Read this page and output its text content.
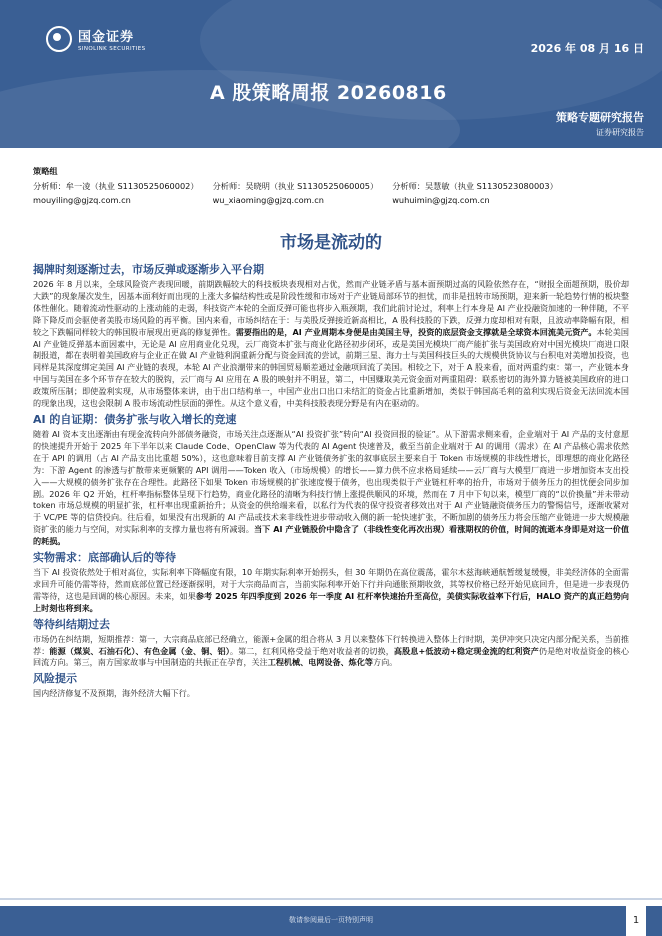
国金证券
SINOLINK SECURITIES	2026 年 08 月 16 日
A 股策略周报 20260816
策略专题研究报告
证券研究报告
策略组
分析师：牟一凌（执业 S1130525060002）
mouyiling@gjzq.com.cn
分析师：吴晓明（执业 S1130525060005）
wu_xiaoming@gjzq.com.cn
分析师：吴慧敏（执业 S1130523080003）
wuhuimin@gjzq.com.cn
市场是流动的
揭牌时刻逐渐过去，市场反弹或逐渐步入平台期

2026 年 8 月以来，全球风险资产表现回暖，前期跌幅较大的科技板块表现相对占优，然而产业链矛盾与基本面预期过高的风险依然存在，“财报全面超预期，股价却大跌”的现象屡次发生，因基本面利好而出现的上涨大多偏结构性或是阶段性缓和市场对于产业链局部环节的担忧，而非是扭转市场预期，迎来新一轮趋势行情的板块整体性催化。随着流动性驱动的上涨动能的走弱，科技资产本轮的全面反弹可能也将步入瓶颈期，我们此前讨论过，利率上行本身是 AI 产业投融资加速的一种伴随，不平降下降反而会驱使者美股市场风险的再平衡。国内来看，市场纠结在于：与美股反弹接近新高相比，A 股科技股的下跌，反弹力度却相对有限，且波动率降幅有限，相较之下跌幅同样较大的韩国股市展现出更高的修复弹性。需要指出的是，AI 产业周期本身便是由美国主导，投资的底层资金支撑就是全球资本回流美元资产。本轮美国 AI 产业链反弹基本面因素中，无论是 AI 应用商业化兑现，云厂商资本扩张与商业化路径初步闭环，或是美国光模块厂商产能扩张与美国政府对中国光模块厂商进口限制报道，都在表明着美国政府与企业正在做 AI 产业链利润重新分配与资金回流的尝试，前期三星、海力士与美国科技巨头的大规模供货协议与台积电对美增加投资，也同样是其深度绑定美国 AI 产业链的表现，本轮 AI 产业浪潮带来的韩国贸易顺差通过金融项回流了美国。相较之下，对于 A 股来看，面对两重约束：第一，产业链本身中国与美国在多个环节存在较大的脱钩，云厂商与 AI 应用在 A 股的映射并不明显，第二，中国赚取美元资金面对两重阻碍：联系密切的海外算力链被美国政府的进口政策所压制；即使盈利实现，从市场整体来讲，由于出口结构单一，中国产业出口出口未结汇的资金占比重新增加，类似于韩国高毛利的盈利实现后资金无法回流本国的现象出现，这也会限制 A 股市场流动性层面的弹性。从这个意义看，中美科技股表现分野是有内在驱动的。

AI 的自证期：债务扩张与收入增长的竞速

随着 AI 资本支出逐渐由有现金流转向外部债务融资，市场关注点逐渐从“AI 投资扩张”转向“AI 投资回报的验证”。从下游需求侧来看，企业端对于 AI 产品的支付意愿的快速提升开始于 2025 年下半年以来 Claude Code、OpenClaw 等为代表的 AI Agent 快速普及，截至当前企业端对于 AI 的调用（需求）在 AI 产品核心需求依然在于 API 的调用（占 AI 产品支出比重超 50%），这也意味着目前支撑 AI 产业链债务扩张的叙事底层主要来自于 Token 市场规模的非线性增长，即理想的商业化路径为：下游 Agent 的渗透与扩散带来更频繁的 API 调用——Token 收入（市场规模）的增长——算力供不应求格局延续——云厂商与大模型厂商进一步增加资本支出投入——大规模的债务扩张存在合理性。此路径下如果 Token 市场规模的扩张速度慢于债务，也出现类似于产业链杠杆率的抬升，市场对于债务压力的担忧便会同步加剧。2026 年 Q2 开始，杠杆率指标整体呈现下行趋势，商业化路径的清晰为科技行情上涨提供顺风的环境，然而在 7 月中下旬以来，模型厂商的“以价换量”并未带动 token 市场总规模的明显扩张，杠杆率出现重新抬升；从资金的供给端来看，以私行为代表的保守投资者移效出对于 AI 产业链融资债务压力的警惕信号，逐渐收紧对于 VC/PE 等的信贷投向。往后看，如果没有出现新的 AI 产品或技术来非线性进步带动收入侧的新一轮快速扩张，不断加剧的债务压力将会压缩产业链进一步大规模融资扩张的能力与空间，对实际利率的支撑力量也将有所减弱。当下 AI 产业链股价中隐含了（非线性变化再次出现）看涨期权的价值，时间的流逝本身即是对这一价值的耗损。

实物需求：底部确认后的等待

当下 AI 投资依然处于相对高位，实际利率下降幅度有限，10 年期实际利率开始拐头，但 30 年期仍在高位震荡，霍尔木兹海峡通航暂缓复缓慢，非美经济体的全面需求回升可能仍需等待，然而底部位置已经逐渐探明，对于大宗商品而言，当前实际利率开始下行并向通胀预期收敛，其等权价格已经开始见底回升，但是进一步表现仍需等待，这也是回调的核心原因。未来，如果参考 2025 年四季度到 2026 年一季度 AI 杠杆率快速抬升至高位，美债实际收益率下行后，HALO 资产的真正趋势向上时刻也将到来。

等待纠结期过去

市场仍在纠结期，短期推荐：第一，大宗商品底部已经确立，能源+金属的组合将从 3 月以来整体下行转换进入整体上行时期，美伊冲突只决定内部分配关系，当前推荐：能源（煤炭、石油石化）、有色金属（金、铜、铝）。第二，红利风格受益于绝对收益者的切换，高股息+低波动+稳定现金流的红利资产仍是绝对收益资金的核心回流方向。第三，南方国家故事与中国制造的共振正在孕育，关注工程机械、电网设备、炼化等方向。

风险提示

国内经济修复不及预期，海外经济大幅下行。

敬请参阅最后一页特别声明	1
